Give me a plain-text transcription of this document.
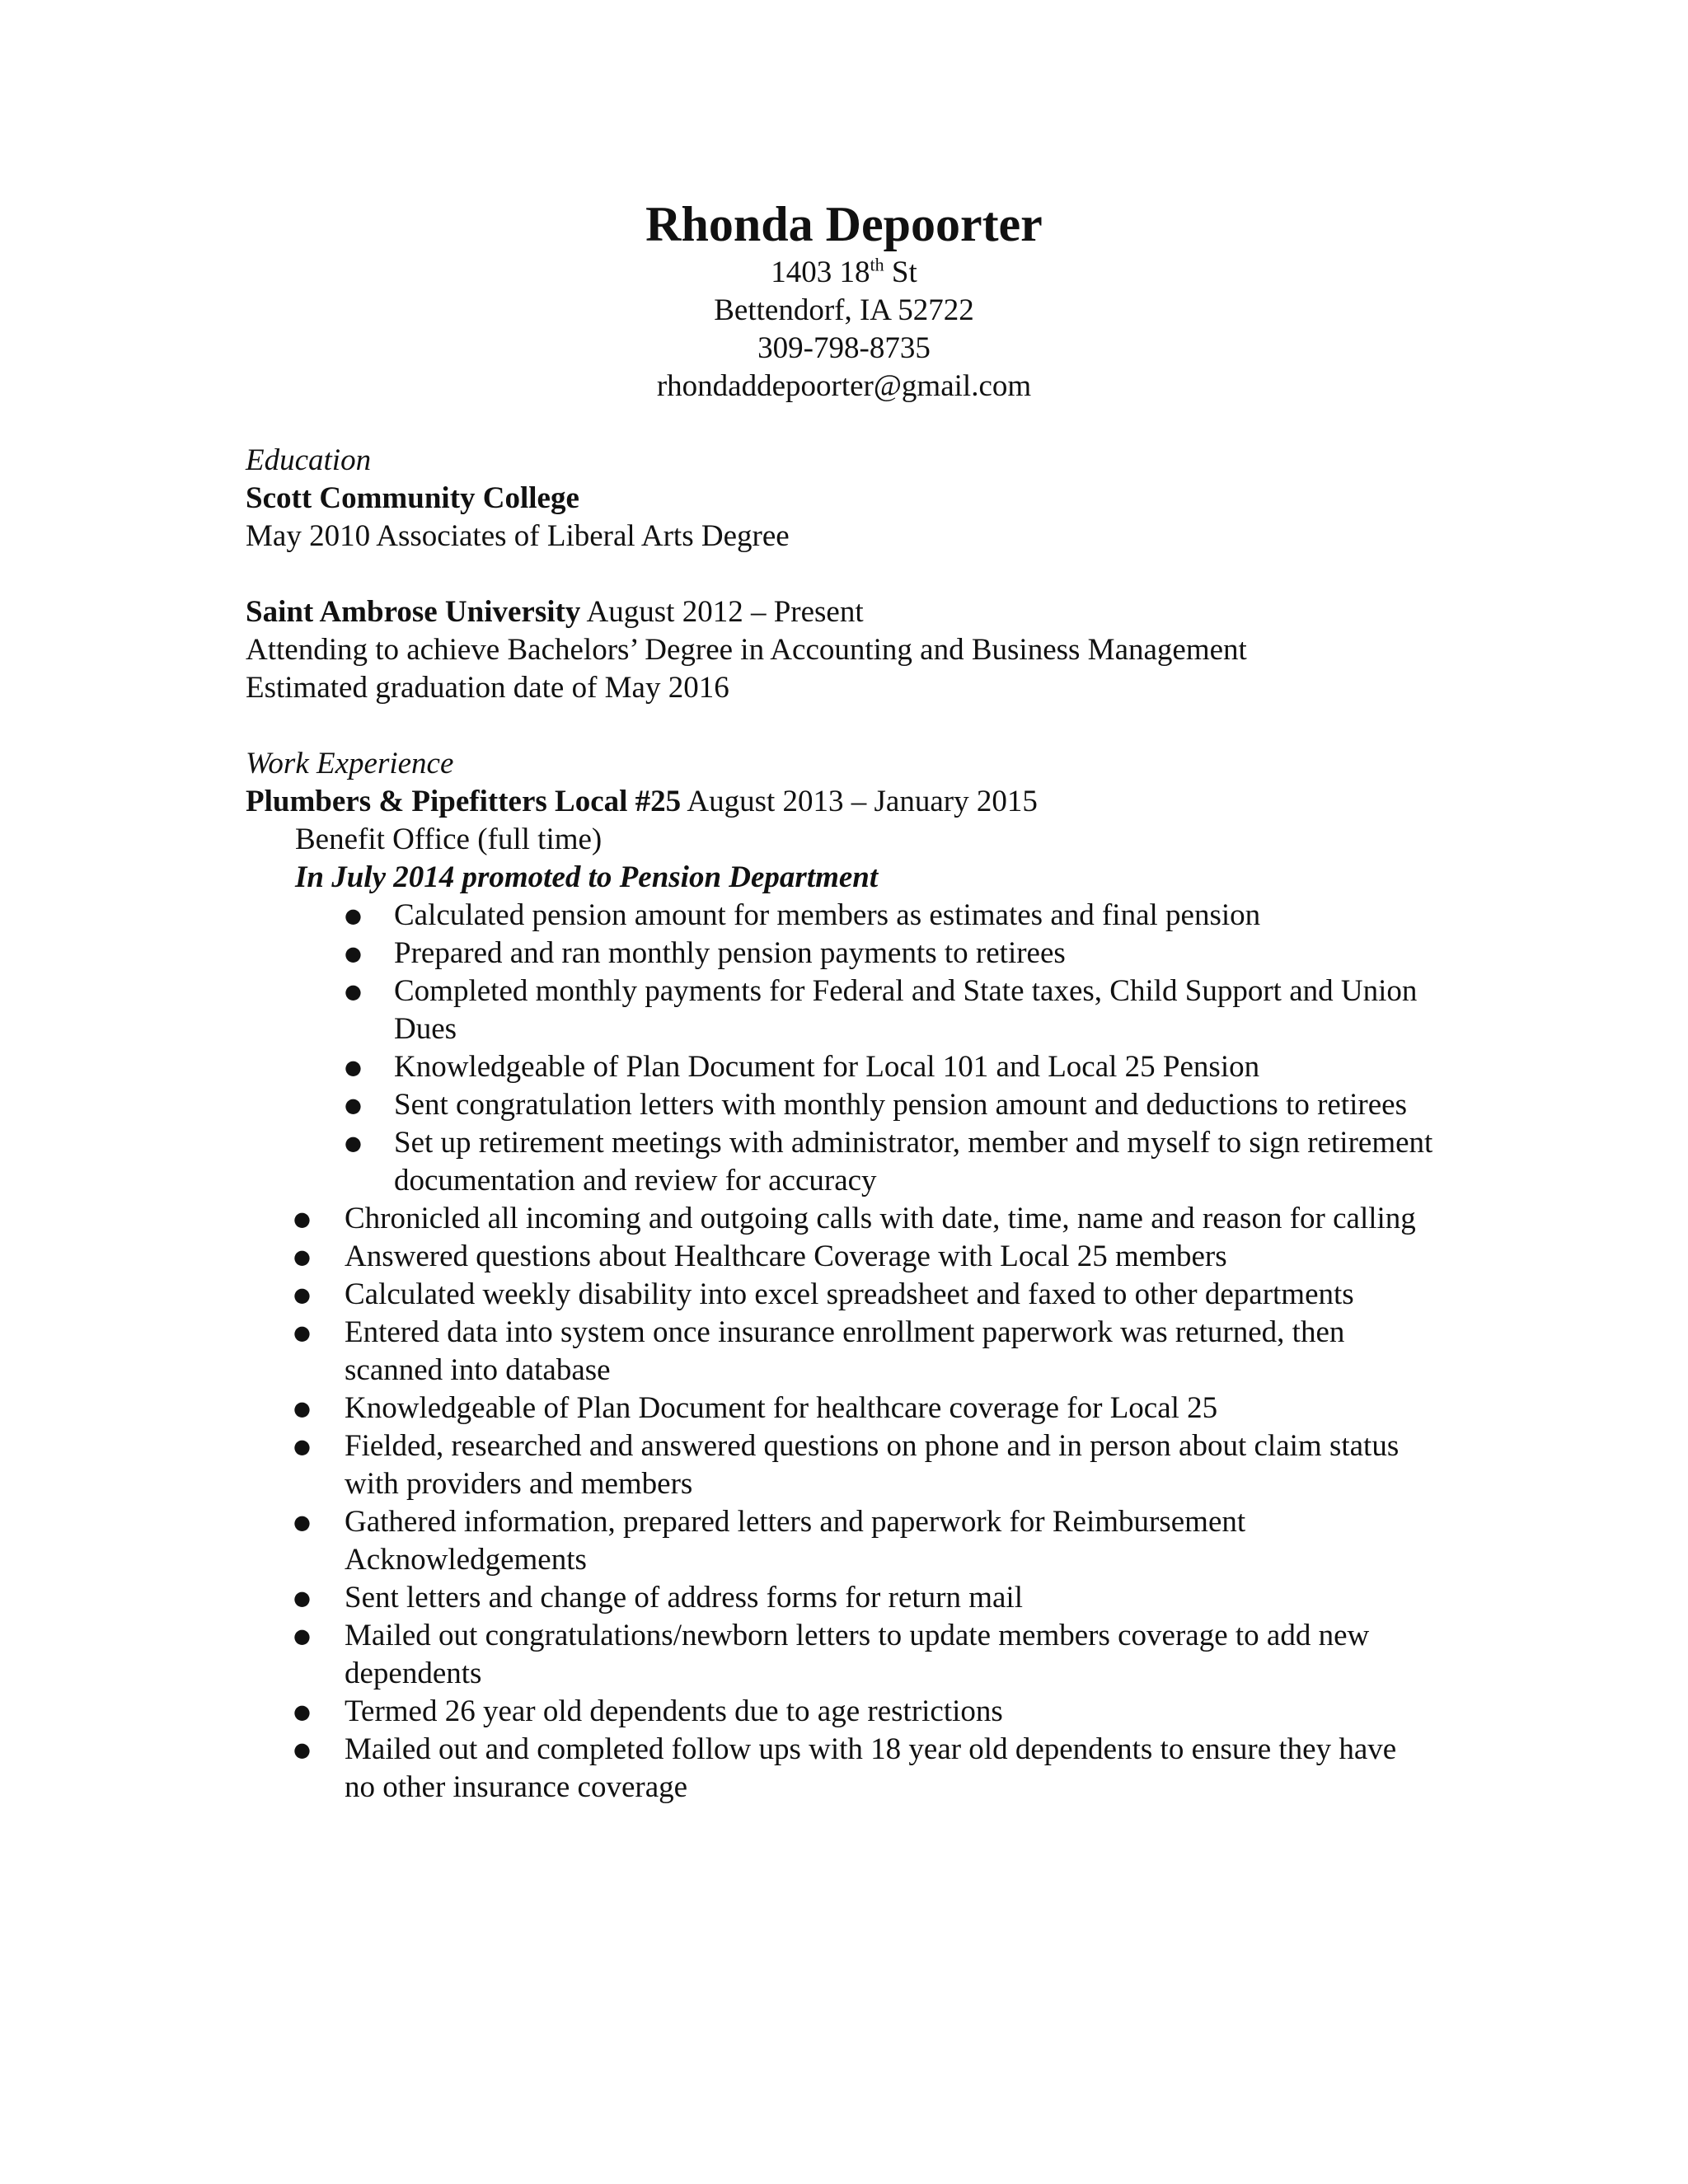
Rhonda Depoorter
1403 18th St
Bettendorf, IA 52722
309-798-8735
rhondaddepoorter@gmail.com
Education
Scott Community College
May 2010 Associates of Liberal Arts Degree
Saint Ambrose University August 2012 – Present
Attending to achieve Bachelors’ Degree in Accounting and Business Management
Estimated graduation date of May 2016
Work Experience
Plumbers & Pipefitters Local #25 August 2013 – January 2015
Benefit Office (full time)
In July 2014 promoted to Pension Department
● Calculated pension amount for members as estimates and final pension
● Prepared and ran monthly pension payments to retirees
● Completed monthly payments for Federal and State taxes, Child Support and Union Dues
● Knowledgeable of Plan Document for Local 101 and Local 25 Pension
● Sent congratulation letters with monthly pension amount and deductions to retirees
● Set up retirement meetings with administrator, member and myself to sign retirement documentation and review for accuracy
● Chronicled all incoming and outgoing calls with date, time, name and reason for calling
● Answered questions about Healthcare Coverage with Local 25 members
● Calculated weekly disability into excel spreadsheet and faxed to other departments
● Entered data into system once insurance enrollment paperwork was returned, then scanned into database
● Knowledgeable of Plan Document for healthcare coverage for Local 25
● Fielded, researched and answered questions on phone and in person about claim status with providers and members
● Gathered information, prepared letters and paperwork for Reimbursement Acknowledgements
● Sent letters and change of address forms for return mail
● Mailed out congratulations/newborn letters to update members coverage to add new dependents
● Termed 26 year old dependents due to age restrictions
● Mailed out and completed follow ups with 18 year old dependents to ensure they have no other insurance coverage
